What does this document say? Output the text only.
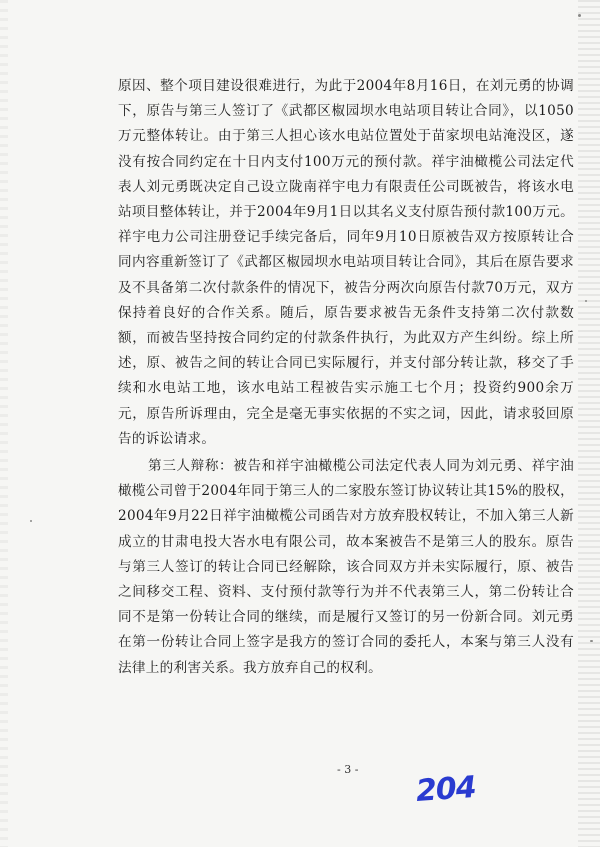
原因、整个项目建设很难进行，为此于2004年8月16日，在刘元勇的协调下，原告与第三人签订了《武都区椒园坝水电站项目转让合同》，以1050万元整体转让。由于第三人担心该水电站位置处于苗家坝电站淹没区，遂没有按合同约定在十日内支付100万元的预付款。祥宇油橄榄公司法定代表人刘元勇既决定自己设立陇南祥宇电力有限责任公司既被告，将该水电站项目整体转让，并于2004年9月1日以其名义支付原告预付款100万元。祥宇电力公司注册登记手续完备后，同年9月10日原被告双方按原转让合同内容重新签订了《武都区椒园坝水电站项目转让合同》，其后在原告要求及不具备第二次付款条件的情况下，被告分两次向原告付款70万元，双方保持着良好的合作关系。随后，原告要求被告无条件支持第二次付款数额，而被告坚持按合同约定的付款条件执行，为此双方产生纠纷。综上所述，原、被告之间的转让合同已实际履行，并支付部分转让款，移交了手续和水电站工地，该水电站工程被告实示施工七个月；投资约900余万元，原告所诉理由，完全是毫无事实依据的不实之词，因此，请求驳回原告的诉讼请求。

第三人辩称：被告和祥宇油橄榄公司法定代表人同为刘元勇、祥宇油橄榄公司曾于2004年同于第三人的二家股东签订协议转让其15%的股权，2004年9月22日祥宇油橄榄公司函告对方放弃股权转让，不加入第三人新成立的甘肃电投大峇水电有限公司，故本案被告不是第三人的股东。原告与第三人签订的转让合同已经解除，该合同双方并未实际履行，原、被告之间移交工程、资料、支付预付款等行为并不代表第三人，第二份转让合同不是第一份转让合同的继续，而是履行又签订的另一份新合同。刘元勇在第一份转让合同上签字是我方的签订合同的委托人，本案与第三人没有法律上的利害关系。我方放弃自己的权利。

- 3 -
204
